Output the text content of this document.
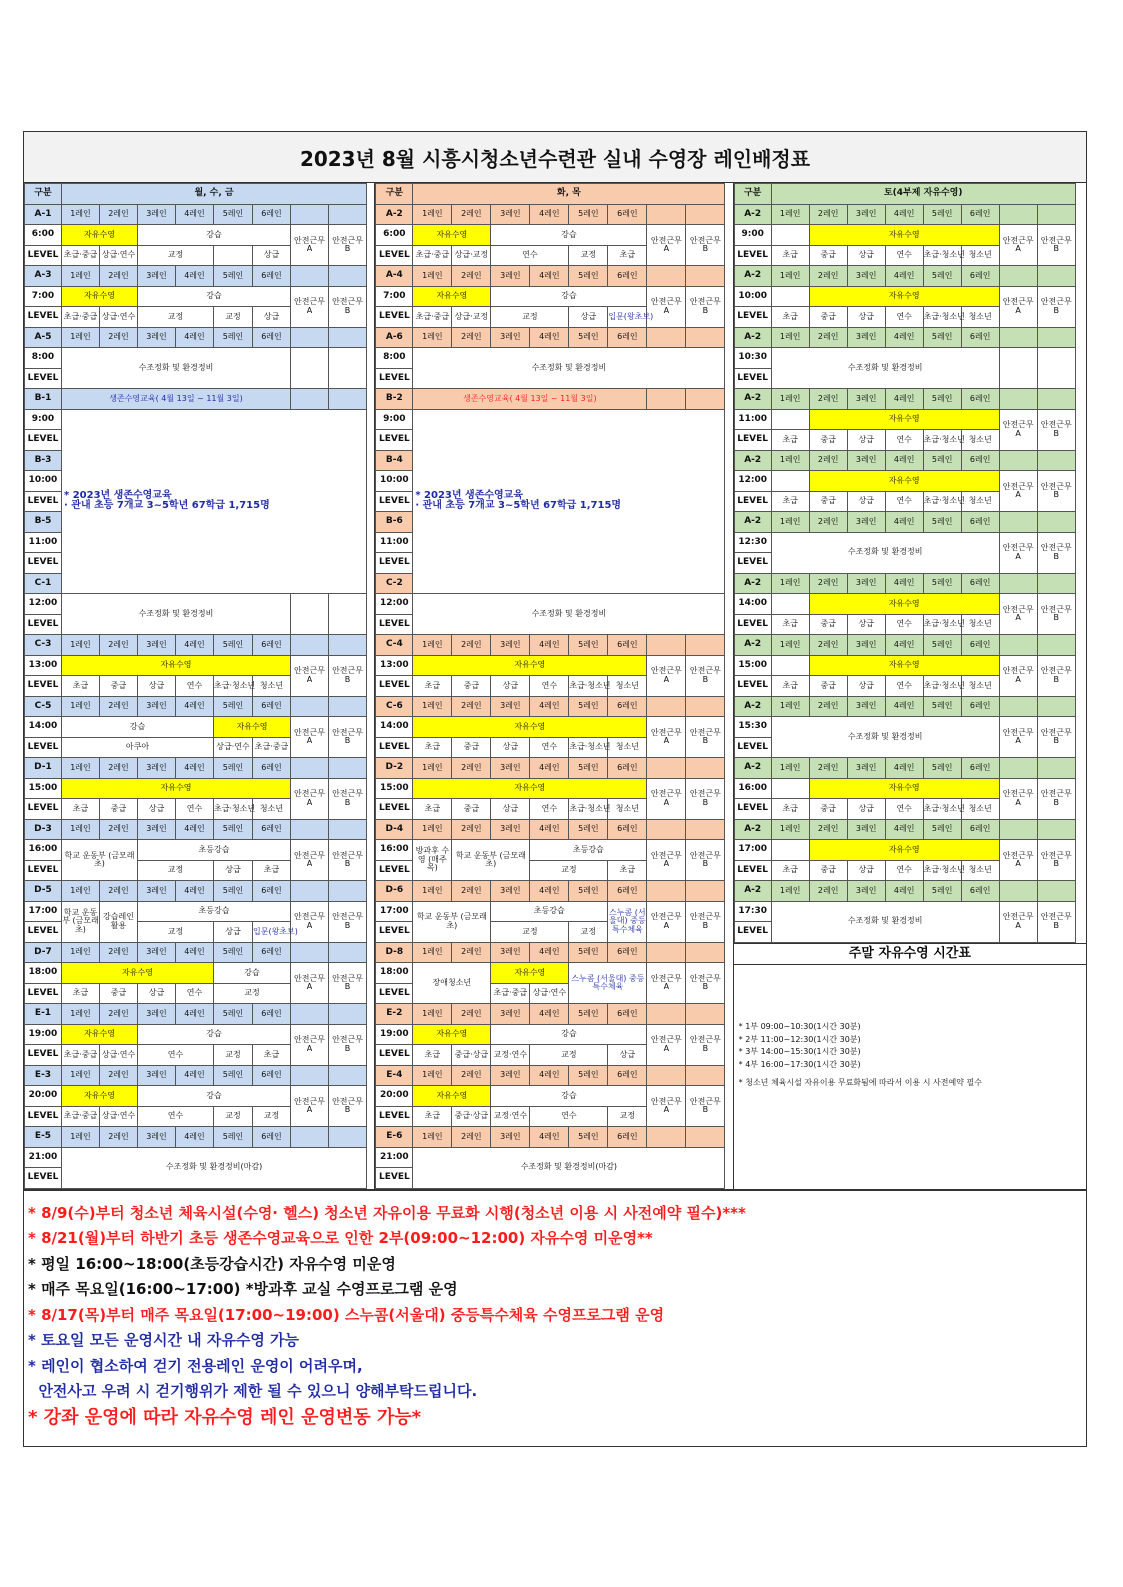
2023년 8월 시흥시청소년수련관 실내 수영장 레인배정표
구분	월, 수, 금								
A-1	1레인	2레인	3레인	4레인	5레인	6레인			
6:00	자유수영		강습				안전근무 A	안전근무 B	
LEVEL	초급·중급	상급·연수	교정			상급			
A-3	1레인	2레인	3레인	4레인	5레인	6레인			
7:00	자유수영		강습				안전근무 A	안전근무 B	
LEVEL	초급·중급	상급·연수	교정		교정	상급			
A-5	1레인	2레인	3레인	4레인	5레인	6레인			
8:00	수조정화 및 환경정비								
LEVEL									
B-1	생존수영교육( 4월 13일 ~ 11월 3일)								
9:00	* 2023년 생존수영교육
· 관내 초등 7개교 3~5학년 67학급 1,715명								

LEVEL									
B-3									
10:00									
LEVEL									
B-5									
11:00									
LEVEL									
C-1								
12:00	수조정화 및 환경정비								
LEVEL									
C-3	1레인	2레인	3레인	4레인	5레인	6레인			
13:00	자유수영						안전근무 A	안전근무 B	
LEVEL	초급	중급	상급	연수	초급·청소년	청소년			
C-5	1레인	2레인	3레인	4레인	5레인	6레인			
14:00	강습				자유수영		안전근무 A	안전근무 B	
LEVEL	아쿠아				상급·연수	초급·중급			
D-1	1레인	2레인	3레인	4레인	5레인	6레인			
15:00	자유수영						안전근무 A	안전근무 B	
LEVEL	초급	중급	상급	연수	초급·청소년	청소년			
D-3	1레인	2레인	3레인	4레인	5레인	6레인			
16:00	학교 운동부 (금모래초)		초등강습				안전근무 A	안전근무 B	
LEVEL			교정		상급	초급			
D-5	1레인	2레인	3레인	4레인	5레인	6레인			
17:00	학교 운동부 (금모래초)	강습레인 활용	초등강습				안전근무 A	안전근무 B	
LEVEL			교정		상급	입문(왕초보)			
D-7	1레인	2레인	3레인	4레인	5레인	6레인			
18:00	자유수영				강습		안전근무 A	안전근무 B	
LEVEL	초급	중급	상급	연수	교정				
E-1	1레인	2레인	3레인	4레인	5레인	6레인			
19:00	자유수영		강습				안전근무 A	안전근무 B	
LEVEL	초급·중급	상급·연수	연수		교정	초급			
E-3	1레인	2레인	3레인	4레인	5레인	6레인			
20:00	자유수영		강습				안전근무 A	안전근무 B	
LEVEL	초급·중급	상급·연수	연수		교정	교정			
E-5	1레인	2레인	3레인	4레인	5레인	6레인			
21:00	수조정화 및 환경정비(마감)								
LEVEL									
구분	화, 목								
A-2	1레인	2레인	3레인	4레인	5레인	6레인			
6:00	자유수영		강습				안전근무 A	안전근무 B	
LEVEL	초급·중급	상급·교정	연수		교정	초급			
A-4	1레인	2레인	3레인	4레인	5레인	6레인			
7:00	자유수영		강습				안전근무 A	안전근무 B	
LEVEL	초급·중급	상급·교정	교정		상급	입문(왕초보)			
A-6	1레인	2레인	3레인	4레인	5레인	6레인			
8:00	수조정화 및 환경정비								
LEVEL									
B-2	생존수영교육( 4월 13일 ~ 11월 3일)								
9:00	* 2023년 생존수영교육
· 관내 초등 7개교 3~5학년 67학급 1,715명								

LEVEL									
B-4									
10:00									
LEVEL									
B-6									
11:00									
LEVEL									
C-2								
12:00	수조정화 및 환경정비								
LEVEL									
C-4	1레인	2레인	3레인	4레인	5레인	6레인			
13:00	자유수영						안전근무 A	안전근무 B	
LEVEL	초급	중급	상급	연수	초급·청소년	청소년			
C-6	1레인	2레인	3레인	4레인	5레인	6레인			
14:00	자유수영						안전근무 A	안전근무 B	
LEVEL	초급	중급	상급	연수	초급·청소년	청소년			
D-2	1레인	2레인	3레인	4레인	5레인	6레인			
15:00	자유수영						안전근무 A	안전근무 B	
LEVEL	초급	중급	상급	연수	초급·청소년	청소년			
D-4	1레인	2레인	3레인	4레인	5레인	6레인			
16:00	방과후 수영 (매주 목)	학교 운동부 (금모래초)		초등강습			안전근무 A	안전근무 B	
LEVEL				교정		초급			
D-6	1레인	2레인	3레인	4레인	5레인	6레인			
17:00	학교 운동부 (금모래초)		초등강습			스누콤 (서울대) 중등특수체육	안전근무 A	안전근무 B	
LEVEL			교정		교정				
D-8	1레인	2레인	3레인	4레인	5레인	6레인			
18:00	장애청소년		자유수영		스누콤 (서울대) 중등특수체육		안전근무 A	안전근무 B	
LEVEL			초급·중급	상급·연수					
E-2	1레인	2레인	3레인	4레인	5레인	6레인			
19:00	자유수영		강습				안전근무 A	안전근무 B	
LEVEL	초급	중급·상급	교정·연수	교정		상급			
E-4	1레인	2레인	3레인	4레인	5레인	6레인			
20:00	자유수영		강습				안전근무 A	안전근무 B	
LEVEL	초급	중급·상급	교정·연수	연수		교정			
E-6	1레인	2레인	3레인	4레인	5레인	6레인			
21:00	수조정화 및 환경정비(마감)								
LEVEL									
구분	토(4부제 자유수영)							
A-2	1레인	2레인	3레인	4레인	5레인	6레인		
9:00		자유수영					안전근무 A	안전근무 B
LEVEL	초급	중급	상급	연수	초급·청소년	청소년		
A-2	1레인	2레인	3레인	4레인	5레인	6레인		
10:00		자유수영					안전근무 A	안전근무 B
LEVEL	초급	중급	상급	연수	초급·청소년	청소년		
A-2	1레인	2레인	3레인	4레인	5레인	6레인		
10:30	수조정화 및 환경정비							
LEVEL								
A-2	1레인	2레인	3레인	4레인	5레인	6레인		
11:00		자유수영					안전근무 A	안전근무 B
LEVEL	초급	중급	상급	연수	초급·청소년	청소년		
A-2	1레인	2레인	3레인	4레인	5레인	6레인		
12:00		자유수영					안전근무 A	안전근무 B
LEVEL	초급	중급	상급	연수	초급·청소년	청소년		
A-2	1레인	2레인	3레인	4레인	5레인	6레인		
12:30	수조정화 및 환경정비						안전근무 A	안전근무 B
LEVEL								
A-2	1레인	2레인	3레인	4레인	5레인	6레인		
14:00		자유수영					안전근무 A	안전근무 B
LEVEL	초급	중급	상급	연수	초급·청소년	청소년		
A-2	1레인	2레인	3레인	4레인	5레인	6레인		
15:00		자유수영					안전근무 A	안전근무 B
LEVEL	초급	중급	상급	연수	초급·청소년	청소년		
A-2	1레인	2레인	3레인	4레인	5레인	6레인		
15:30	수조정화 및 환경정비						안전근무 A	안전근무 B
LEVEL								
A-2	1레인	2레인	3레인	4레인	5레인	6레인		
16:00		자유수영					안전근무 A	안전근무 B
LEVEL	초급	중급	상급	연수	초급·청소년	청소년		
A-2	1레인	2레인	3레인	4레인	5레인	6레인		
17:00		자유수영					안전근무 A	안전근무 B
LEVEL	초급	중급	상급	연수	초급·청소년	청소년		
A-2	1레인	2레인	3레인	4레인	5레인	6레인		
17:30	수조정화 및 환경정비						안전근무 A	안전근무 B
LEVEL								
주말 자유수영 시간표
* 1부 09:00~10:30(1시간 30분)
* 2부 11:00~12:30(1시간 30분)
* 3부 14:00~15:30(1시간 30분)
* 4부 16:00~17:30(1시간 30분)
* 청소년 체육시설 자유이용 무료화됨에 따라서 이용 시 사전예약 필수
* 8/9(수)부터 청소년 체육시설(수영· 헬스) 청소년 자유이용 무료화 시행(청소년 이용 시 사전예약 필수)***
* 8/21(월)부터 하반기 초등 생존수영교육으로 인한 2부(09:00~12:00) 자유수영 미운영**
* 평일 16:00~18:00(초등강습시간) 자유수영 미운영
* 매주 목요일(16:00~17:00) *방과후 교실 수영프로그램 운영
* 8/17(목)부터 매주 목요일(17:00~19:00) 스누콤(서울대) 중등특수체육 수영프로그램 운영
* 토요일 모든 운영시간 내 자유수영 가능
* 레인이 협소하여 걷기 전용레인 운영이 어려우며,
안전사고 우려 시 걷기행위가 제한 될 수 있으니 양해부탁드립니다.
* 강좌 운영에 따라 자유수영 레인 운영변동 가능*
